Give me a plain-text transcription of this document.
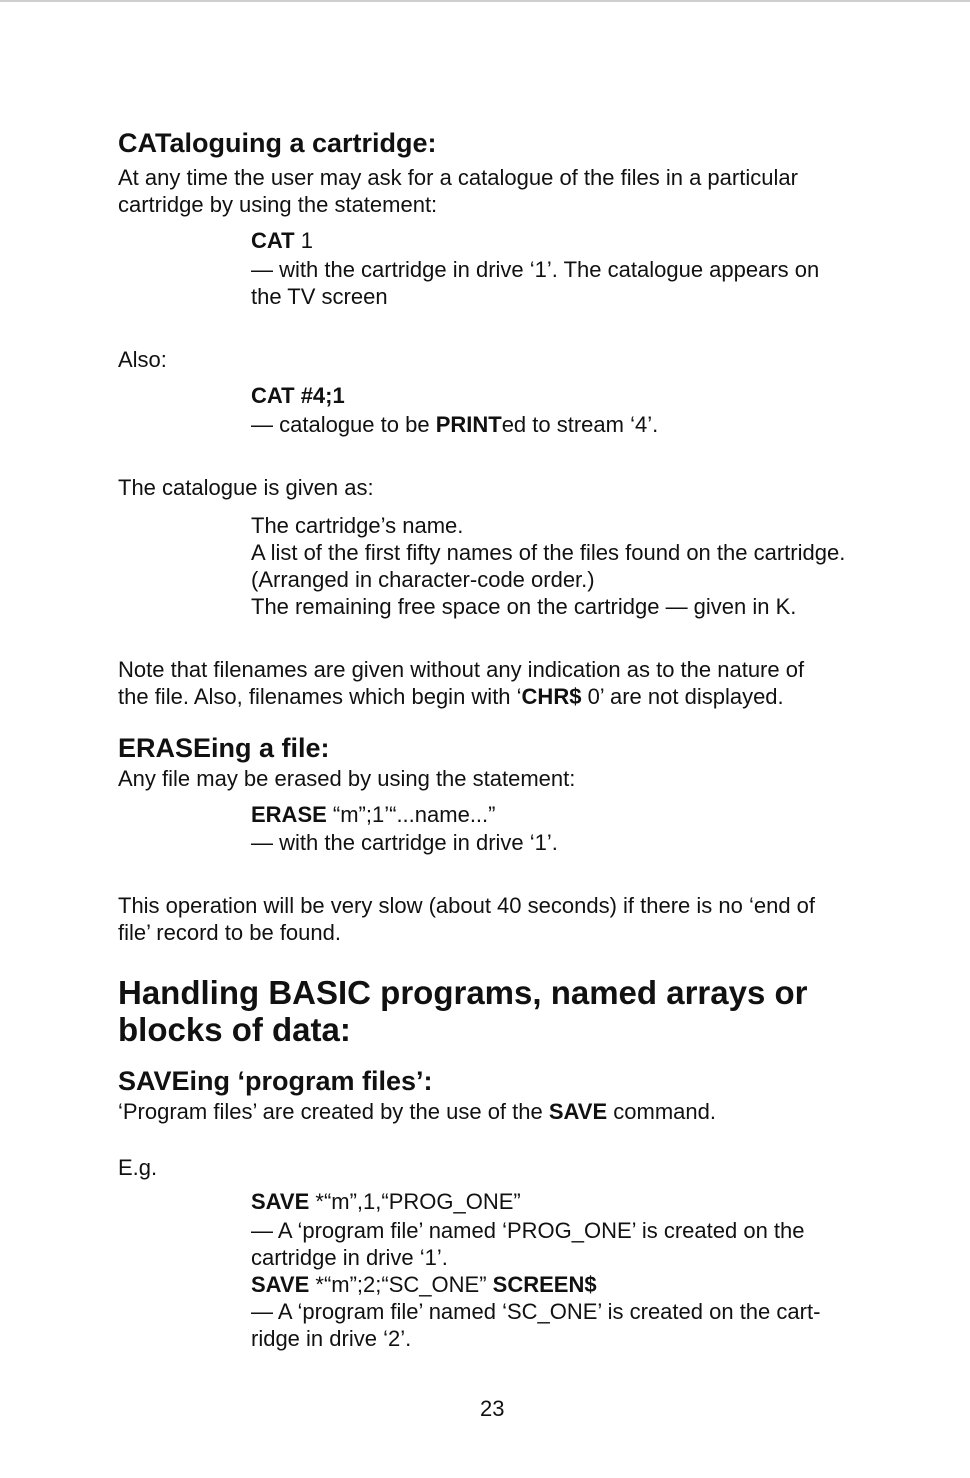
CATaloguing a cartridge:
At any time the user may ask for a catalogue of the files in a particular
cartridge by using the statement:
CAT 1
— with the cartridge in drive ‘1’. The catalogue appears on
the TV screen
Also:
CAT #4;1
— catalogue to be PRINTed to stream ‘4’.
The catalogue is given as:
The cartridge’s name.
A list of the first fifty names of the files found on the cartridge.
(Arranged in character-code order.)
The remaining free space on the cartridge — given in K.
Note that filenames are given without any indication as to the nature of
the file. Also, filenames which begin with ‘CHR$ 0’ are not displayed.
ERASEing a file:
Any file may be erased by using the statement:
ERASE “m”;1’“...name...”
— with the cartridge in drive ‘1’.
This operation will be very slow (about 40 seconds) if there is no ‘end of
file’ record to be found.
Handling BASIC programs, named arrays or
blocks of data:
SAVEing ‘program files’:
‘Program files’ are created by the use of the SAVE command.
E.g.
SAVE *“m”,1,“PROG_ONE”
— A ‘program file’ named ‘PROG_ONE’ is created on the
cartridge in drive ‘1’.
SAVE *“m”;2;“SC_ONE” SCREEN$
— A ‘program file’ named ‘SC_ONE’ is created on the cart-
ridge in drive ‘2’.
23
